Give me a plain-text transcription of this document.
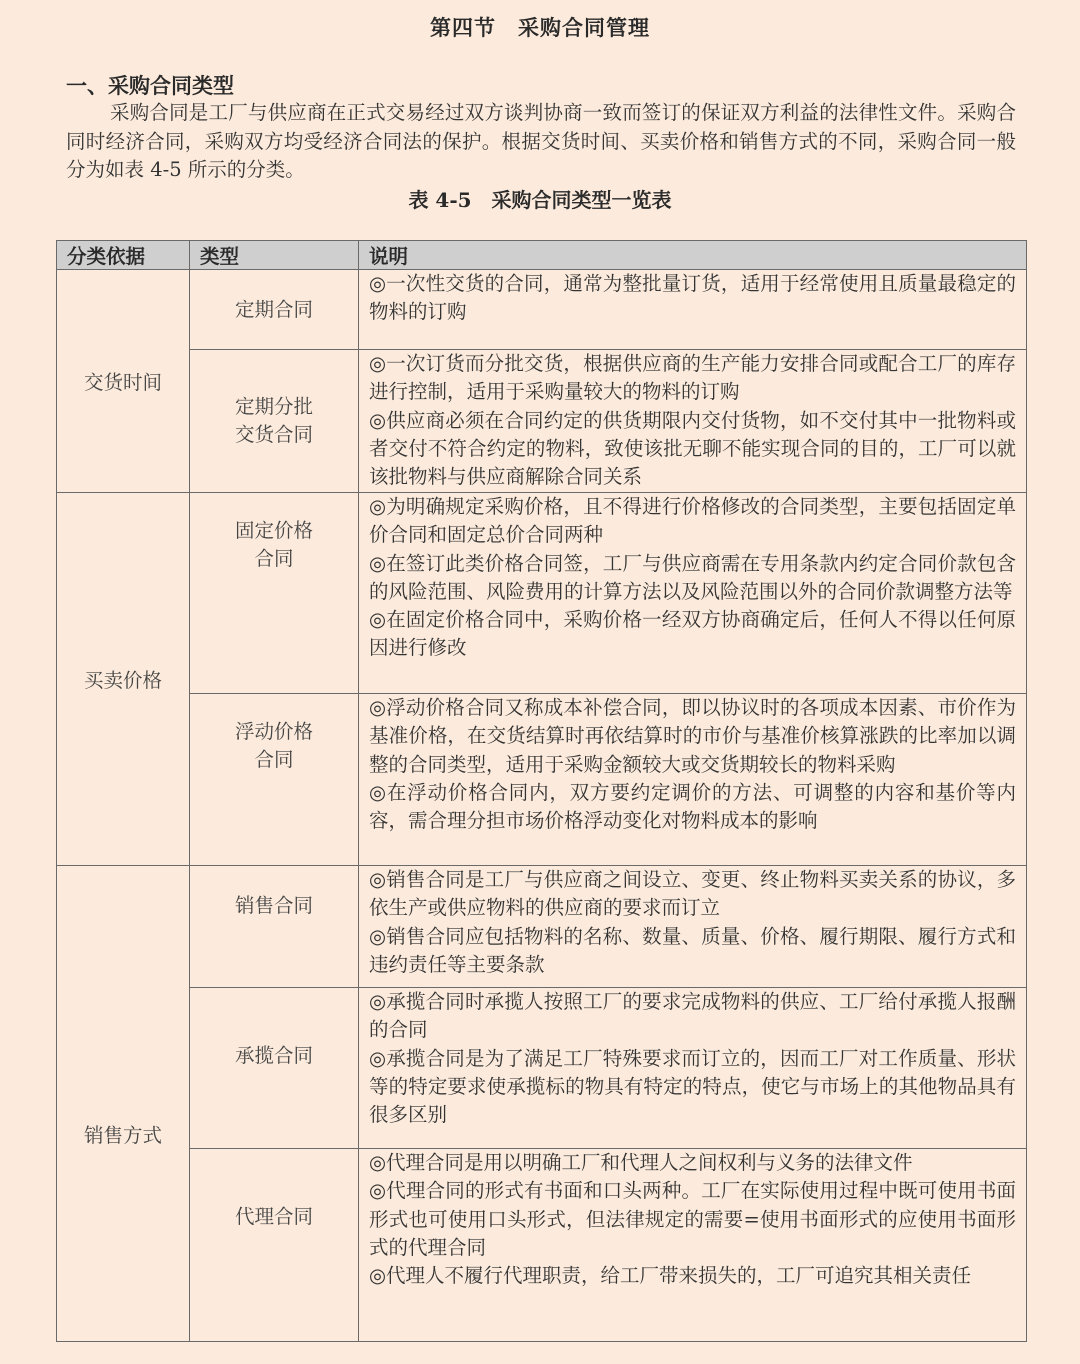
第四节　采购合同管理
一、采购合同类型
采购合同是工厂与供应商在正式交易经过双方谈判协商一致而签订的保证双方利益的法律性文件。采购合同时经济合同，采购双方均受经济合同法的保护。根据交货时间、买卖价格和销售方式的不同，采购合同一般分为如表 4-5 所示的分类。
表 4-5　采购合同类型一览表
分类依据	类型	说明
交货时间	定期合同	◎一次性交货的合同，通常为整批量订货，适用于经常使用且质量最稳定的物料的订购

	定期分批交货合同	◎一次订货而分批交货，根据供应商的生产能力安排合同或配合工厂的库存进行控制，适用于采购量较大的物料的订购

◎供应商必须在合同约定的供货期限内交付货物，如不交付其中一批物料或者交付不符合约定的物料，致使该批无聊不能实现合同的目的，工厂可以就该批物料与供应商解除合同关系

买卖价格	固定价格合同	◎为明确规定采购价格，且不得进行价格修改的合同类型，主要包括固定单价合同和固定总价合同两种

◎在签订此类价格合同签，工厂与供应商需在专用条款内约定合同价款包含的风险范围、风险费用的计算方法以及风险范围以外的合同价款调整方法等

◎在固定价格合同中，采购价格一经双方协商确定后，任何人不得以任何原因进行修改

	浮动价格合同	◎浮动价格合同又称成本补偿合同，即以协议时的各项成本因素、市价作为基准价格，在交货结算时再依结算时的市价与基准价核算涨跌的比率加以调整的合同类型，适用于采购金额较大或交货期较长的物料采购

◎在浮动价格合同内，双方要约定调价的方法、可调整的内容和基价等内容，需合理分担市场价格浮动变化对物料成本的影响

销售方式	销售合同	◎销售合同是工厂与供应商之间设立、变更、终止物料买卖关系的协议，多依生产或供应物料的供应商的要求而订立

◎销售合同应包括物料的名称、数量、质量、价格、履行期限、履行方式和违约责任等主要条款

	承揽合同	◎承揽合同时承揽人按照工厂的要求完成物料的供应、工厂给付承揽人报酬的合同

◎承揽合同是为了满足工厂特殊要求而订立的，因而工厂对工作质量、形状等的特定要求使承揽标的物具有特定的特点，使它与市场上的其他物品具有很多区别

	代理合同	◎代理合同是用以明确工厂和代理人之间权利与义务的法律文件

◎代理合同的形式有书面和口头两种。工厂在实际使用过程中既可使用书面形式也可使用口头形式，但法律规定的需要=使用书面形式的应使用书面形式的代理合同

◎代理人不履行代理职责，给工厂带来损失的，工厂可追究其相关责任
